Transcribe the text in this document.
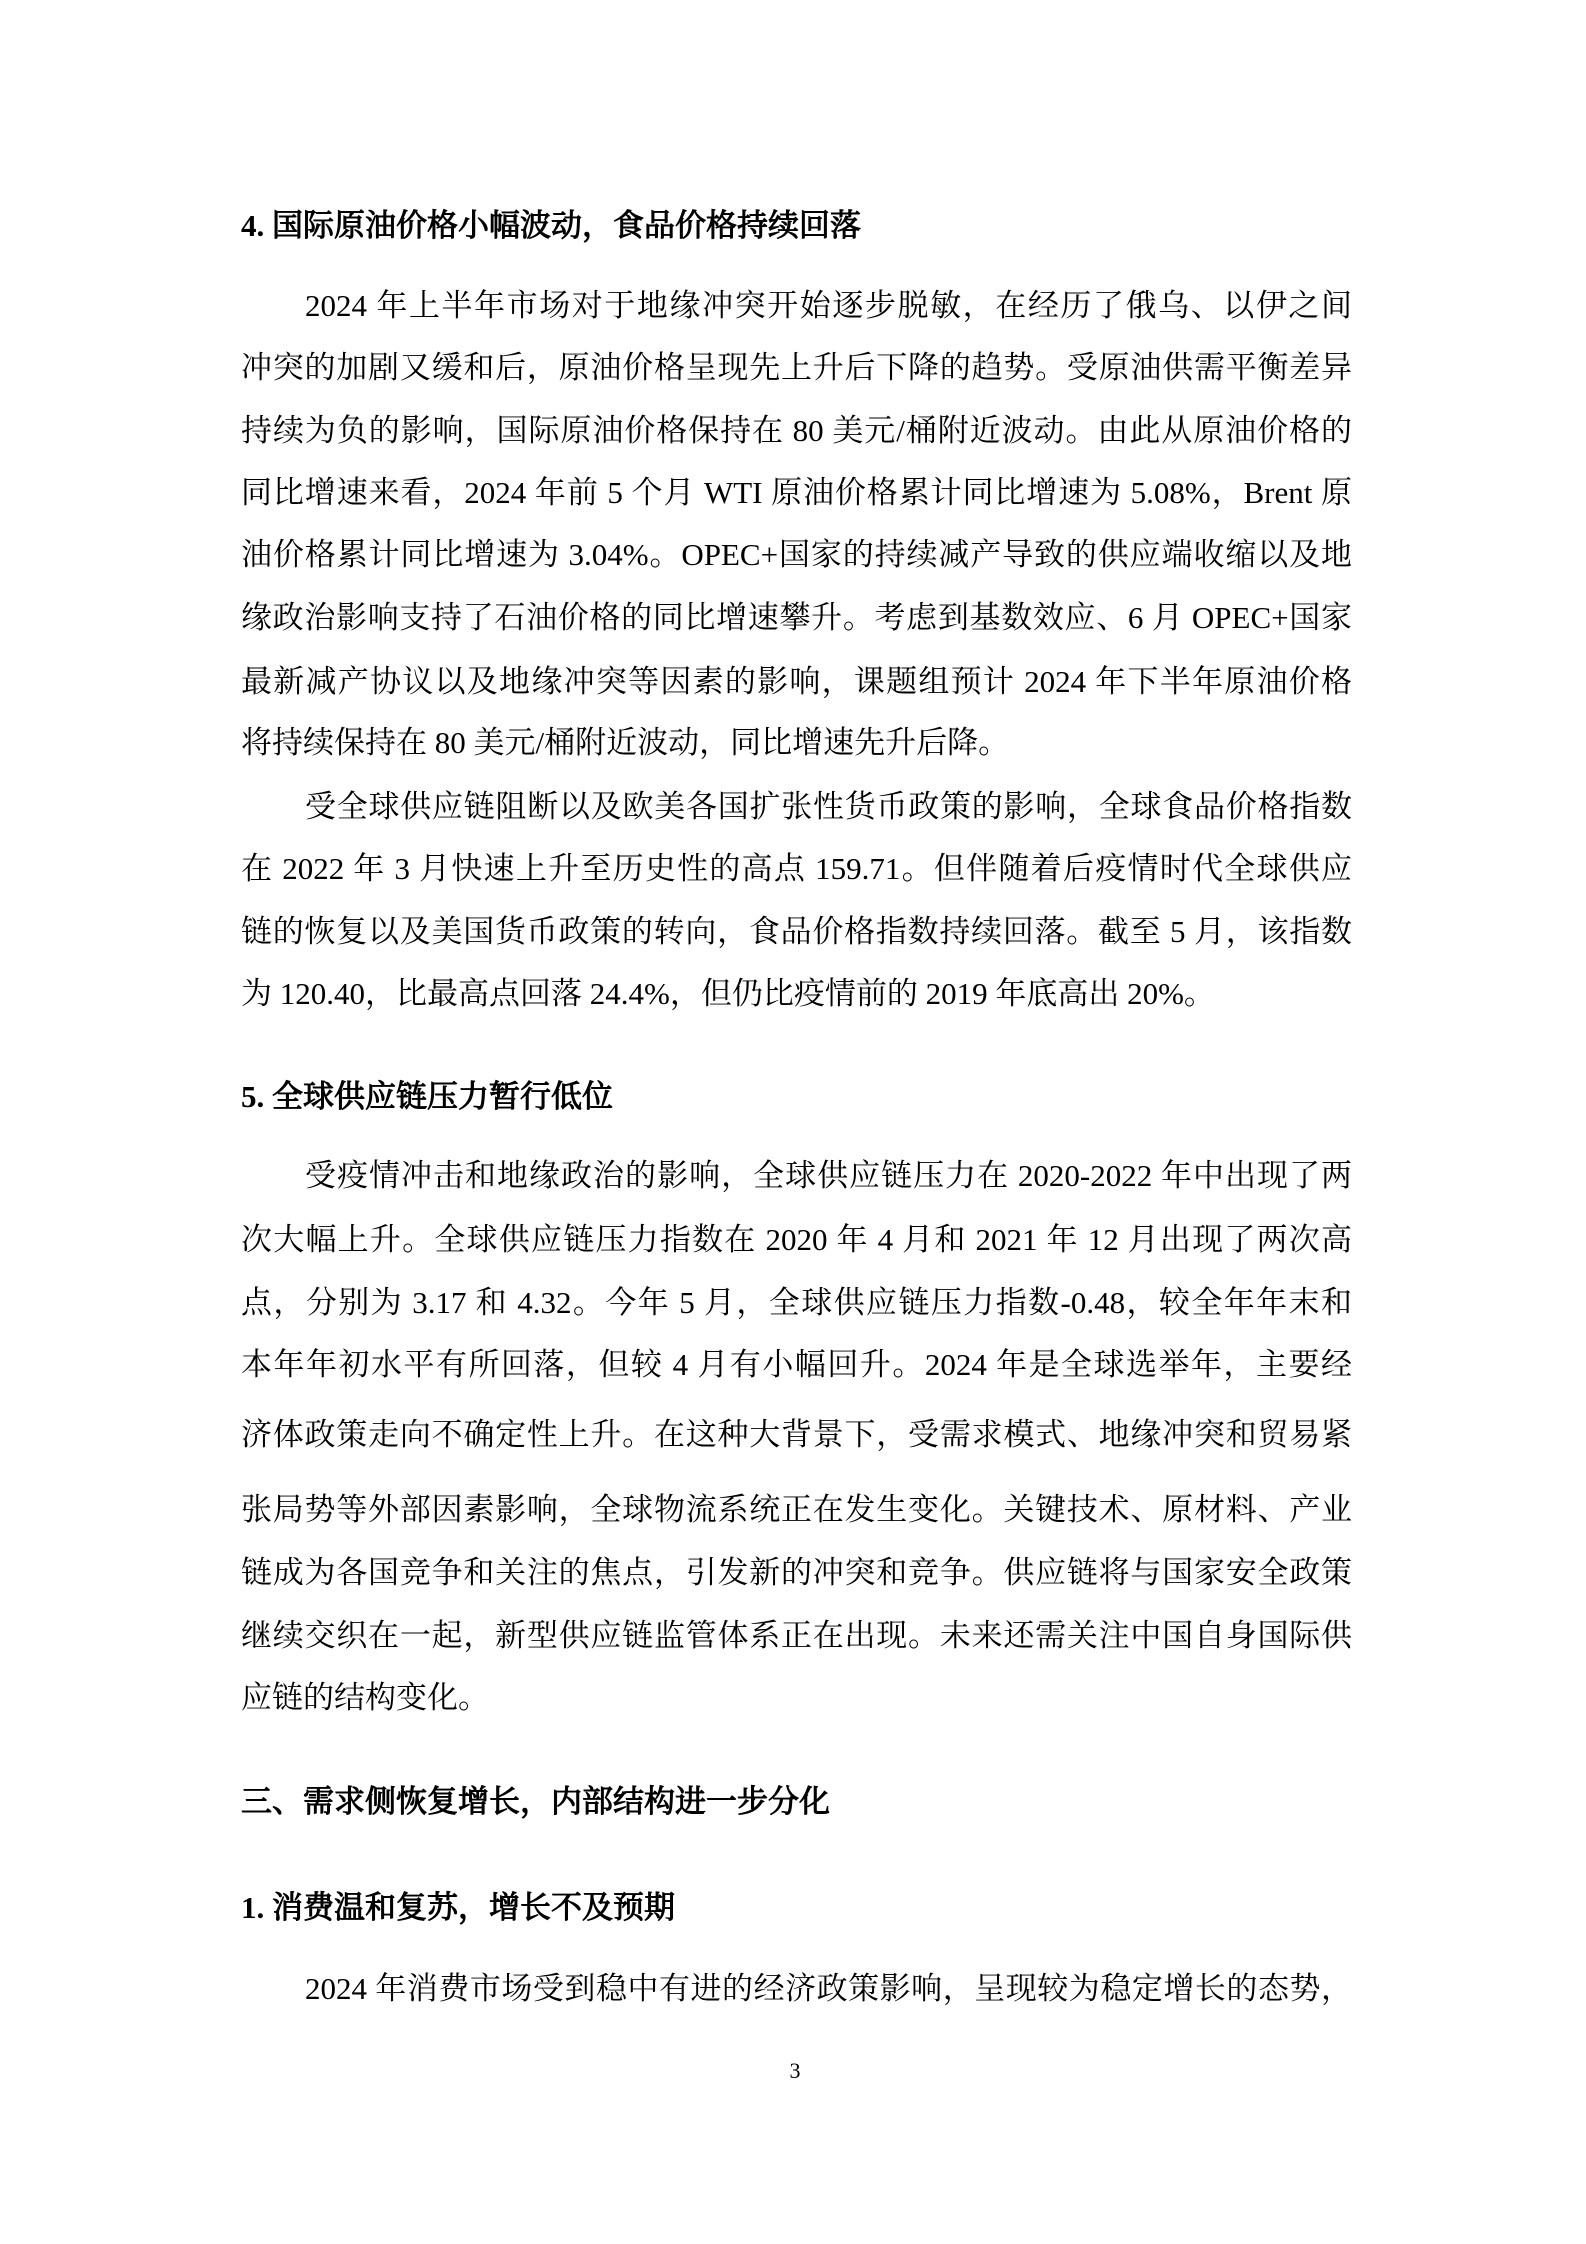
4. 国际原油价格小幅波动，食品价格持续回落
2024 年上半年市场对于地缘冲突开始逐步脱敏，在经历了俄乌、以伊之间
冲突的加剧又缓和后，原油价格呈现先上升后下降的趋势。受原油供需平衡差异
持续为负的影响，国际原油价格保持在 80 美元/桶附近波动。由此从原油价格的
同比增速来看，2024 年前 5 个月 WTI 原油价格累计同比增速为 5.08%，Brent 原
油价格累计同比增速为 3.04%。OPEC+国家的持续减产导致的供应端收缩以及地
缘政治影响支持了石油价格的同比增速攀升。考虑到基数效应、6 月 OPEC+国家
最新减产协议以及地缘冲突等因素的影响，课题组预计 2024 年下半年原油价格
将持续保持在 80 美元/桶附近波动，同比增速先升后降。
受全球供应链阻断以及欧美各国扩张性货币政策的影响，全球食品价格指数
在 2022 年 3 月快速上升至历史性的高点 159.71。但伴随着后疫情时代全球供应
链的恢复以及美国货币政策的转向，食品价格指数持续回落。截至 5 月，该指数
为 120.40，比最高点回落 24.4%，但仍比疫情前的 2019 年底高出 20%。
5. 全球供应链压力暂行低位
受疫情冲击和地缘政治的影响，全球供应链压力在 2020-2022 年中出现了两
次大幅上升。全球供应链压力指数在 2020 年 4 月和 2021 年 12 月出现了两次高
点，分别为 3.17 和 4.32。今年 5 月，全球供应链压力指数-0.48，较全年年末和
本年年初水平有所回落，但较 4 月有小幅回升。2024 年是全球选举年，主要经
济体政策走向不确定性上升。在这种大背景下，受需求模式、地缘冲突和贸易紧
张局势等外部因素影响，全球物流系统正在发生变化。关键技术、原材料、产业
链成为各国竞争和关注的焦点，引发新的冲突和竞争。供应链将与国家安全政策
继续交织在一起，新型供应链监管体系正在出现。未来还需关注中国自身国际供
应链的结构变化。
三、需求侧恢复增长，内部结构进一步分化
1. 消费温和复苏，增长不及预期
2024 年消费市场受到稳中有进的经济政策影响，呈现较为稳定增长的态势，
3
